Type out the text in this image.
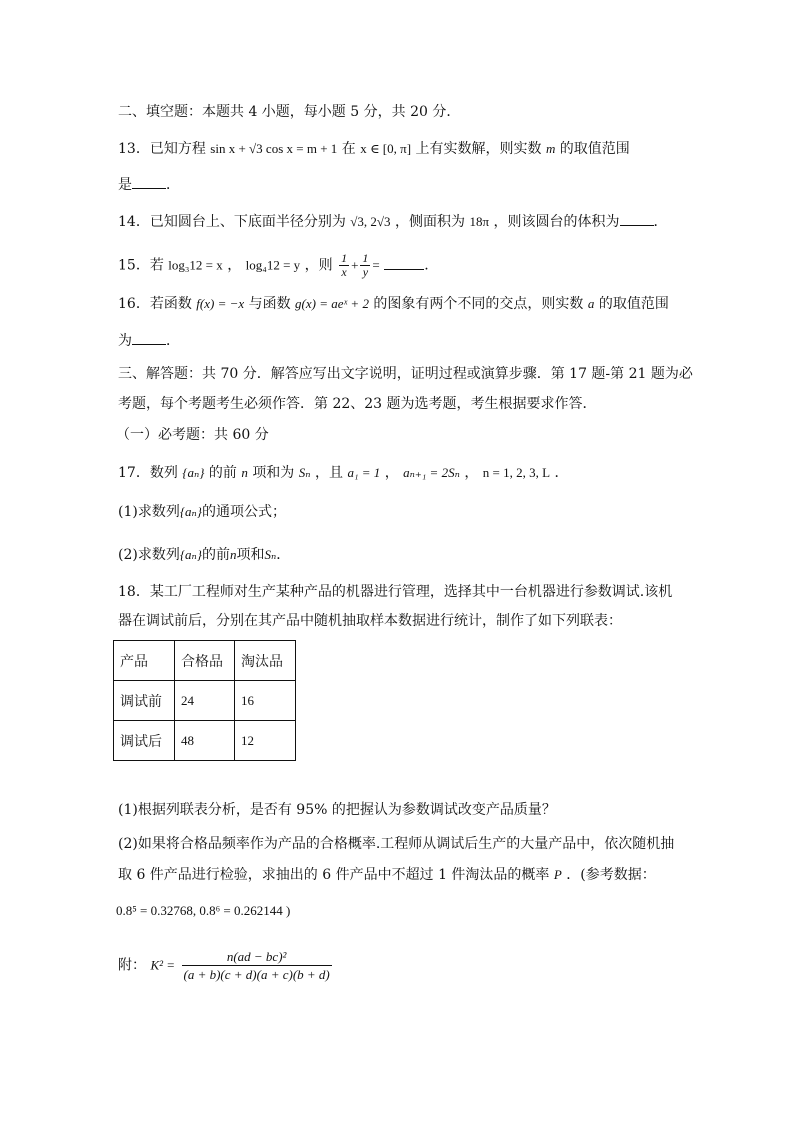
二、填空题：本题共 4 小题，每小题 5 分，共 20 分．
13．已知方程 sin x + √3 cos x = m + 1 在 x ∈ [0, π] 上有实数解，则实数 m 的取值范围
是 ．
14．已知圆台上、下底面半径分别为 √3, 2√3 ，侧面积为 18π ，则该圆台的体积为 ．
15．若 log₃12 = x ， log₄12 = y ，则 $\frac{1}{x} + \frac{1}{y}$ =	.
16．若函数 f(x) = −x 与函数 g(x) = aeˣ + 2 的图象有两个不同的交点，则实数 a 的取值范围
为 ．
三、解答题：共 70 分．解答应写出文字说明，证明过程或演算步骤．第 17 题-第 21 题为必
考题，每个考题考生必须作答．第 22、23 题为选考题，考生根据要求作答．
（一）必考题：共 60 分
17．数列 {aₙ} 的前 n 项和为 Sₙ ，且 a₁ = 1 ， aₙ₊₁ = 2Sₙ ， n = 1, 2, 3, L ．
(1)求数列{aₙ}的通项公式；
(2)求数列{aₙ}的前n项和Sₙ．
18．某工厂工程师对生产某种产品的机器进行管理，选择其中一台机器进行参数调试.该机
器在调试前后，分别在其产品中随机抽取样本数据进行统计，制作了如下列联表：
产品	合格品	淘汰品
调试前	24	16
调试后	48	12
(1)根据列联表分析，是否有 95% 的把握认为参数调试改变产品质量？
(2)如果将合格品频率作为产品的合格概率.工程师从调试后生产的大量产品中，依次随机抽
取 6 件产品进行检验，求抽出的 6 件产品中不超过 1 件淘汰品的概率 P ．(参考数据：
0.8⁵ = 0.32768, 0.8⁶ = 0.262144 )
附： $K^2 = \frac{\text{n(ad − bc)²}}{(a + b)(c + d)(a + c)(b + d)}$
